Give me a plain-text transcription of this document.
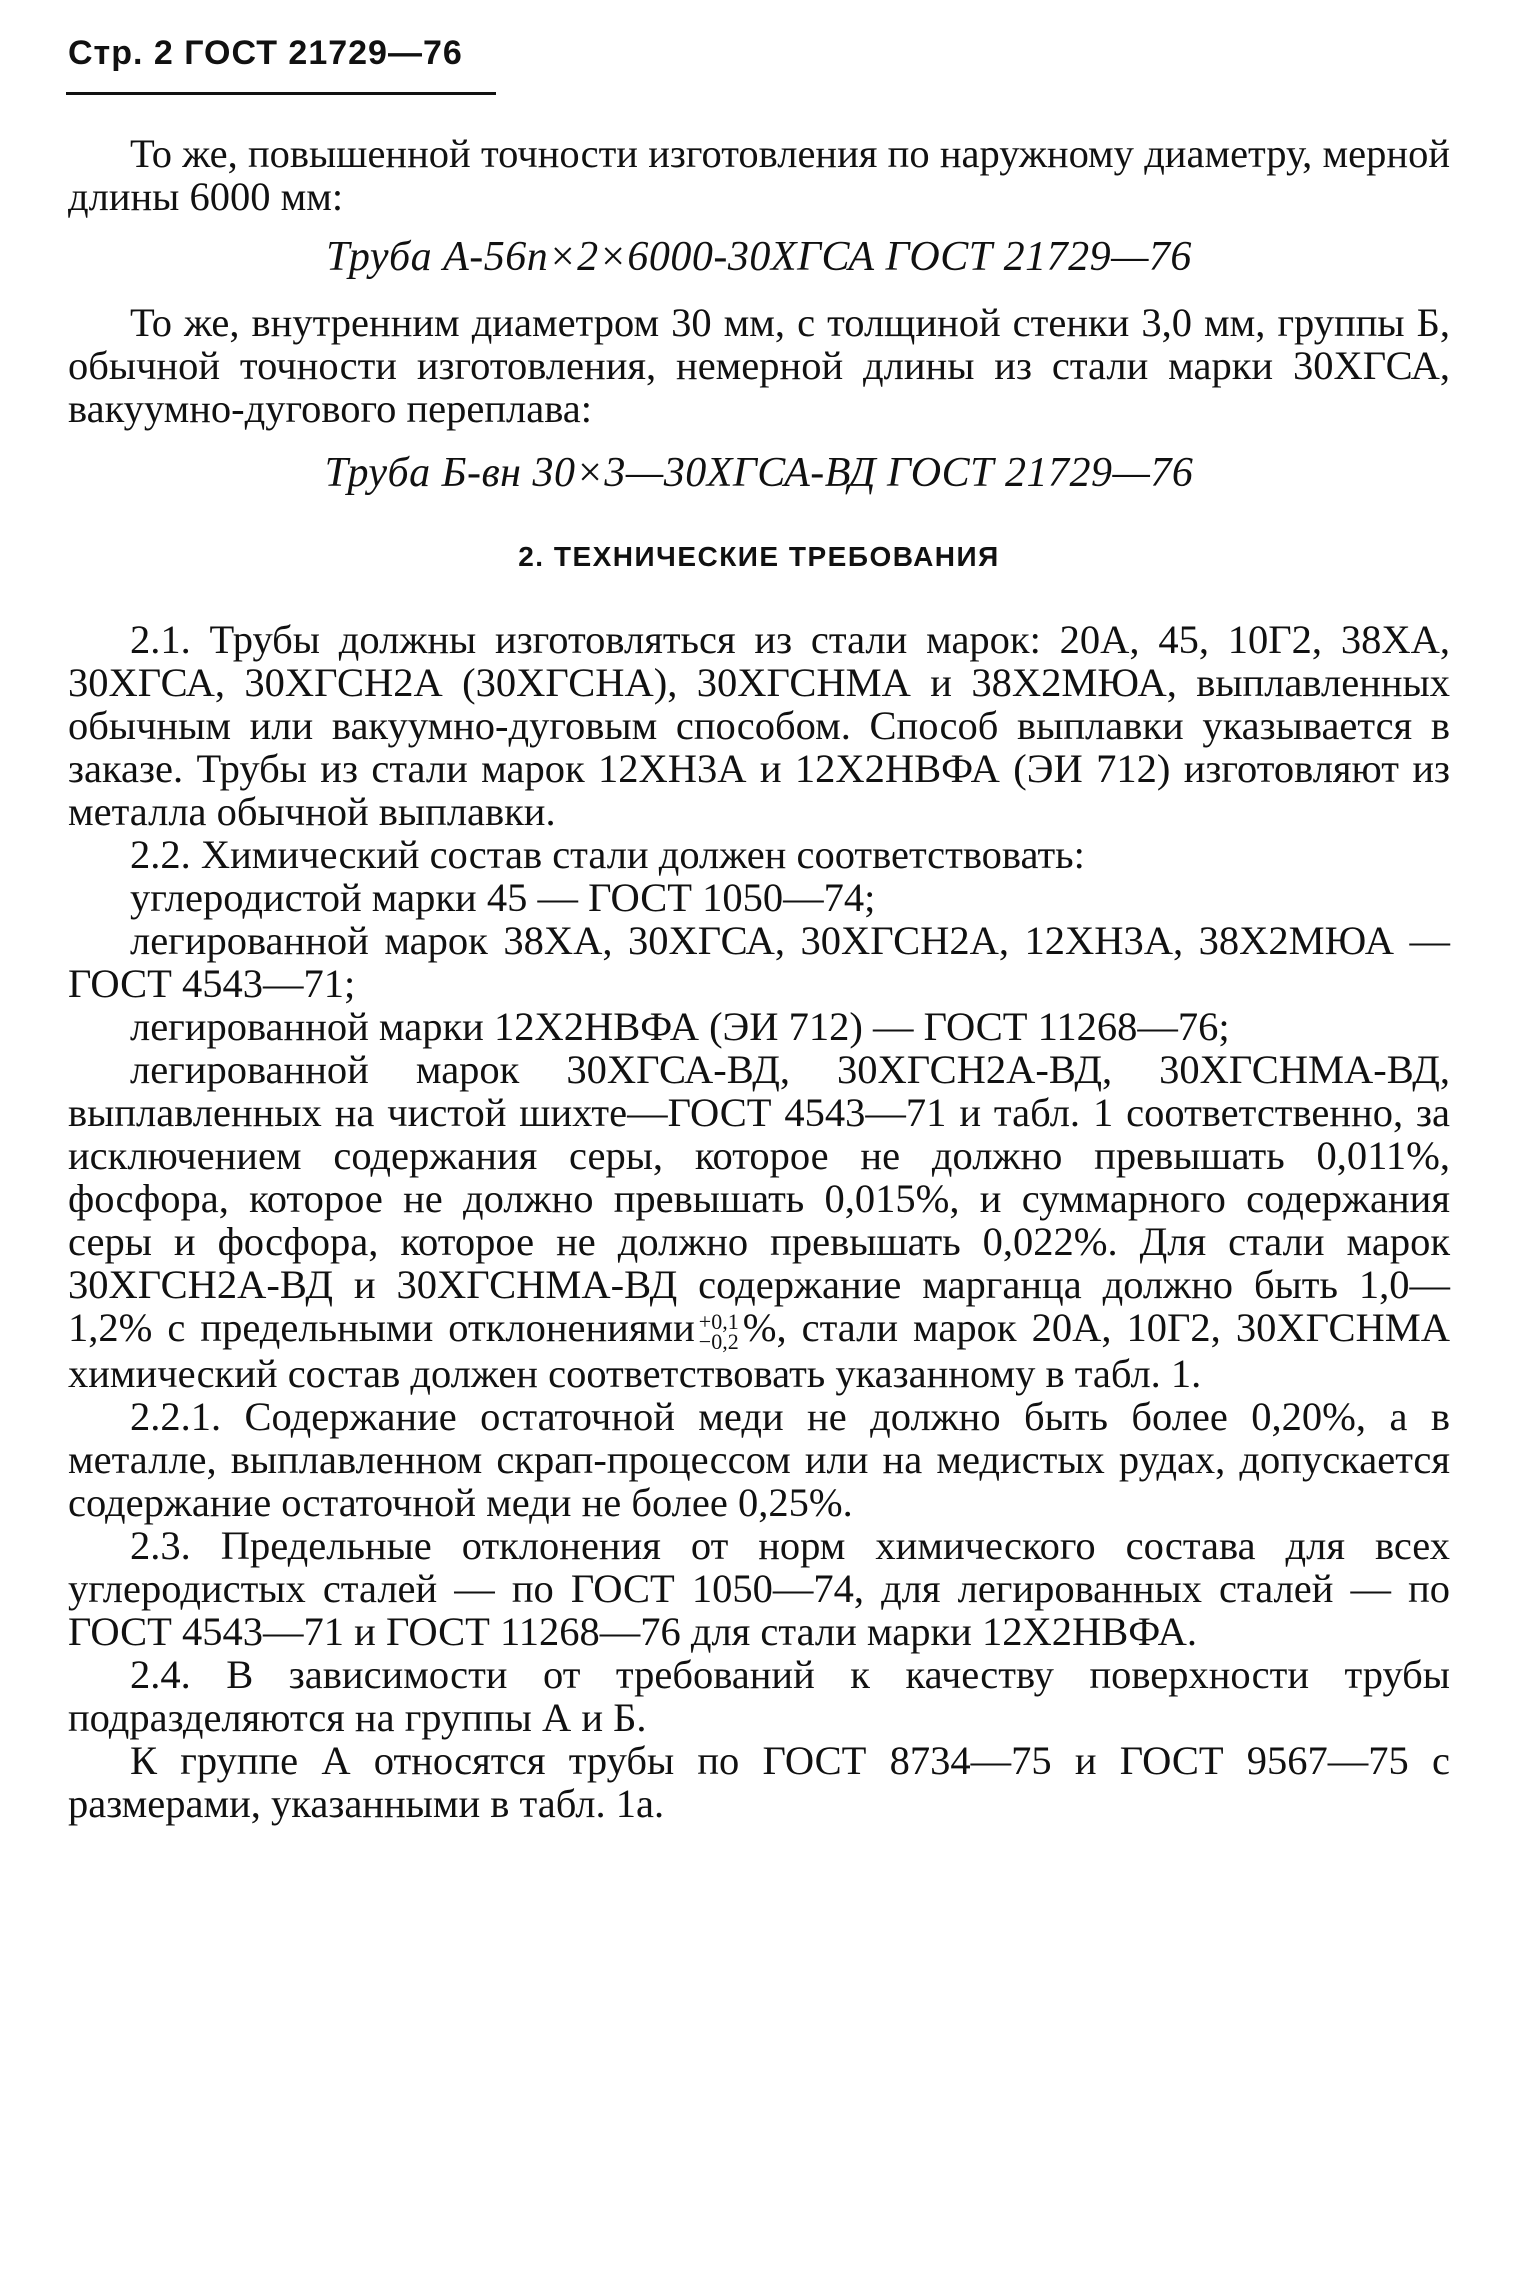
Стр. 2 ГОСТ 21729—76

То же, повышенной точности изготовления по наружному диаметру, мерной длины 6000 мм:

Труба А-56п×2×6000-30ХГСА ГОСТ 21729—76

То же, внутренним диаметром 30 мм, с толщиной стенки 3,0 мм, группы Б, обычной точности изготовления, немерной длины из стали марки 30ХГСА, вакуумно-дугового переплава:

Труба Б-вн 30×3—30ХГСА-ВД ГОСТ 21729—76
2. ТЕХНИЧЕСКИЕ ТРЕБОВАНИЯ

2.1. Трубы должны изготовляться из стали марок: 20А, 45, 10Г2, 38ХА, 30ХГСА, 30ХГСН2А (30ХГСНА), 30ХГСНМА и 38Х2МЮА, выплавленных обычным или вакуумно-дуговым способом. Способ выплавки указывается в заказе. Трубы из стали марок 12ХН3А и 12Х2НВФА (ЭИ 712) изготовляют из металла обычной выплавки.

2.2. Химический состав стали должен соответствовать:

углеродистой марки 45 — ГОСТ 1050—74;

легированной марок 38ХА, 30ХГСА, 30ХГСН2А, 12ХН3А, 38Х2МЮА — ГОСТ 4543—71;

легированной марки 12Х2НВФА (ЭИ 712) — ГОСТ 11268—76;

легированной марок 30ХГСА-ВД, 30ХГСН2А-ВД, 30ХГСНМА-ВД, выплавленных на чистой шихте—ГОСТ 4543—71 и табл. 1 соответственно, за исключением содержания серы, которое не должно превышать 0,011%, фосфора, которое не должно превышать 0,015%, и суммарного содержания серы и фосфора, которое не должно превышать 0,022%. Для стали марок 30ХГСН2А-ВД и 30ХГСНМА-ВД содержание марганца должно быть 1,0—1,2% с предельными отклонениями +0,1
−0,2 %, стали марок 20А, 10Г2, 30ХГСНМА химический состав должен соответствовать указанному в табл. 1.

2.2.1. Содержание остаточной меди не должно быть более 0,20%, а в металле, выплавленном скрап-процессом или на медистых рудах, допускается содержание остаточной меди не более 0,25%.

2.3. Предельные отклонения от норм химического состава для всех углеродистых сталей — по ГОСТ 1050—74, для легированных сталей — по ГОСТ 4543—71 и ГОСТ 11268—76 для стали марки 12Х2НВФА.

2.4. В зависимости от требований к качеству поверхности трубы подразделяются на группы А и Б.

К группе А относятся трубы по ГОСТ 8734—75 и ГОСТ 9567—75 с размерами, указанными в табл. 1а.
